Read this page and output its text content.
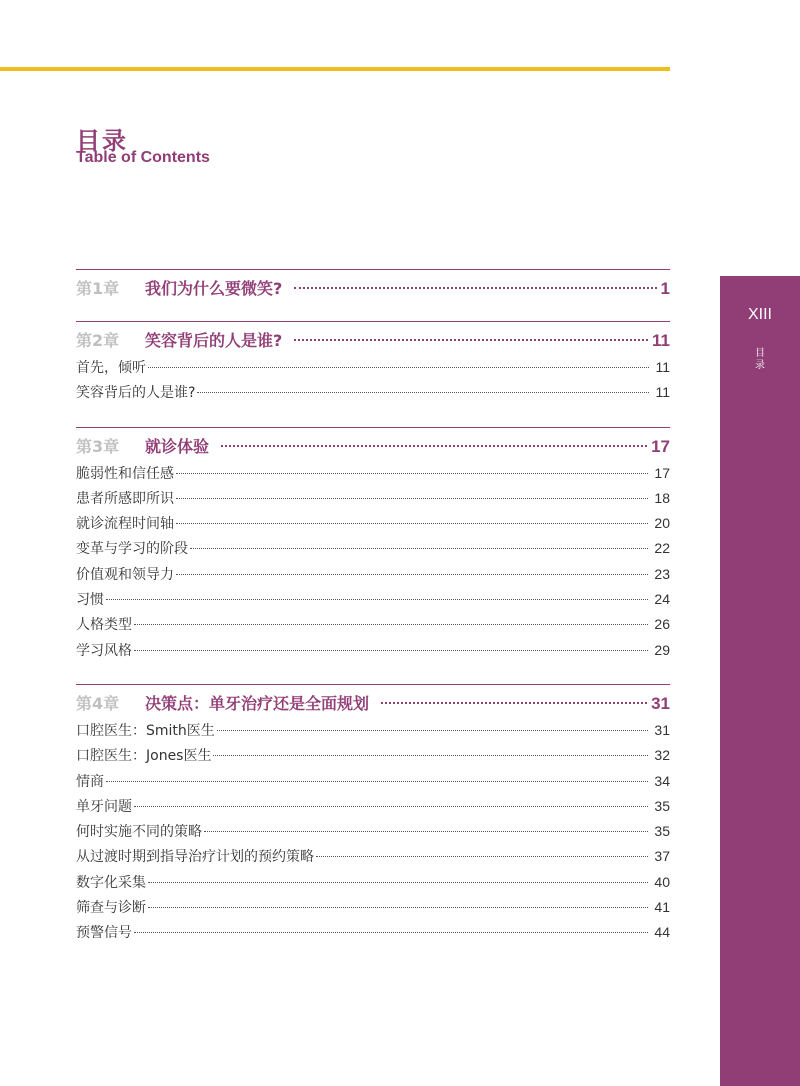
目录
Table of Contents
XIII
目
录
第1章	我们为什么要微笑?	1
第2章	笑容背后的人是谁?	11
首先，倾听	11
笑容背后的人是谁?	11
第3章	就诊体验	17
脆弱性和信任感	17
患者所感即所识	18
就诊流程时间轴	20
变革与学习的阶段	22
价值观和领导力	23
习惯	24
人格类型	26
学习风格	29
第4章	决策点：单牙治疗还是全面规划	31
口腔医生：Smith医生	31
口腔医生：Jones医生	32
情商	34
单牙问题	35
何时实施不同的策略	35
从过渡时期到指导治疗计划的预约策略	37
数字化采集	40
筛查与诊断	41
预警信号	44
